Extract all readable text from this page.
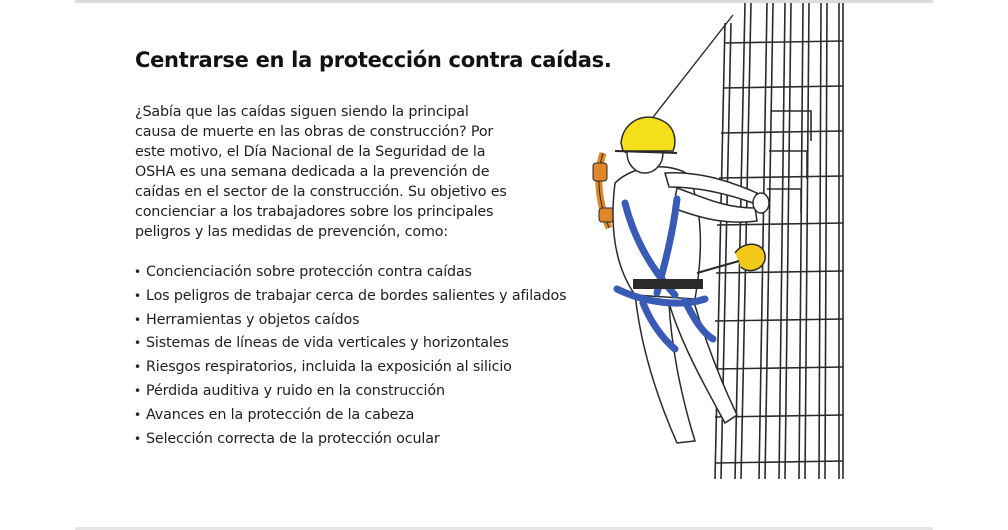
Centrarse en la protección contra caídas.

¿Sabía que las caídas siguen siendo la principal causa de muerte en las obras de construcción? Por este motivo, el Día Nacional de la Seguridad de la OSHA es una semana dedicada a la prevención de caídas en el sector de la construcción. Su objetivo es concienciar a los trabajadores sobre los principales peligros y las medidas de prevención, como:

• Concienciación sobre protección contra caídas
• Los peligros de trabajar cerca de bordes salientes y afilados
• Herramientas y objetos caídos
• Sistemas de líneas de vida verticales y horizontales
• Riesgos respiratorios, incluida la exposición al silicio
• Pérdida auditiva y ruido en la construcción
• Avances en la protección de la cabeza
• Selección correcta de la protección ocular
